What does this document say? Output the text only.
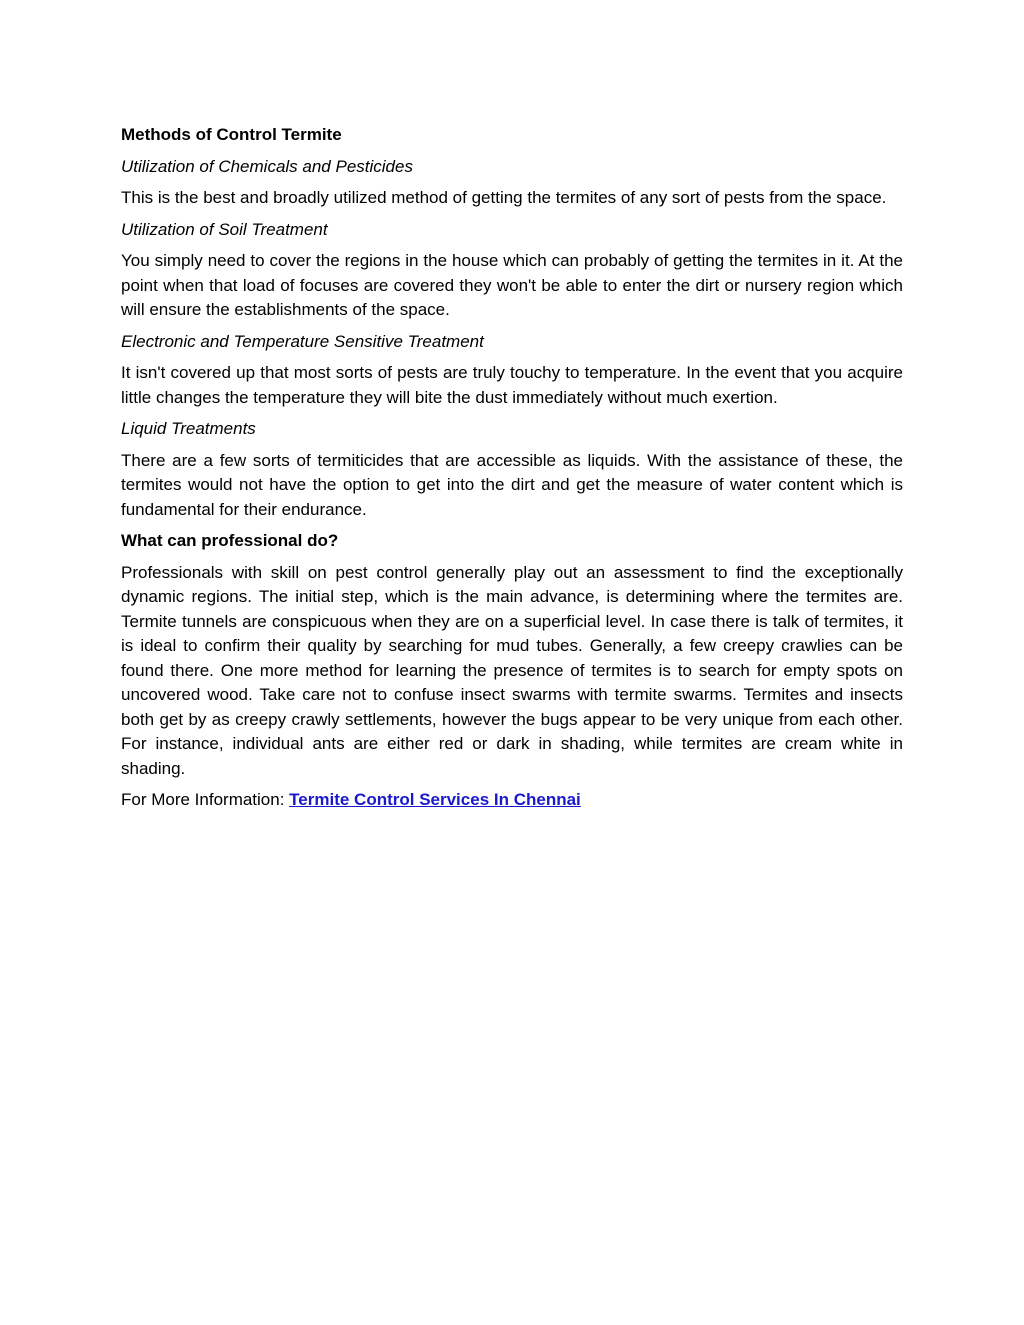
Methods of Control Termite

Utilization of Chemicals and Pesticides

This is the best and broadly utilized method of getting the termites of any sort of pests from the space.

Utilization of Soil Treatment

You simply need to cover the regions in the house which can probably of getting the termites in it. At the point when that load of focuses are covered they won't be able to enter the dirt or nursery region which will ensure the establishments of the space.

Electronic and Temperature Sensitive Treatment

It isn't covered up that most sorts of pests are truly touchy to temperature. In the event that you acquire little changes the temperature they will bite the dust immediately without much exertion.

Liquid Treatments

There are a few sorts of termiticides that are accessible as liquids. With the assistance of these, the termites would not have the option to get into the dirt and get the measure of water content which is fundamental for their endurance.

What can professional do?

Professionals with skill on pest control generally play out an assessment to find the exceptionally dynamic regions. The initial step, which is the main advance, is determining where the termites are. Termite tunnels are conspicuous when they are on a superficial level. In case there is talk of termites, it is ideal to confirm their quality by searching for mud tubes. Generally, a few creepy crawlies can be found there. One more method for learning the presence of termites is to search for empty spots on uncovered wood. Take care not to confuse insect swarms with termite swarms. Termites and insects both get by as creepy crawly settlements, however the bugs appear to be very unique from each other. For instance, individual ants are either red or dark in shading, while termites are cream white in shading.

For More Information: Termite Control Services In Chennai
